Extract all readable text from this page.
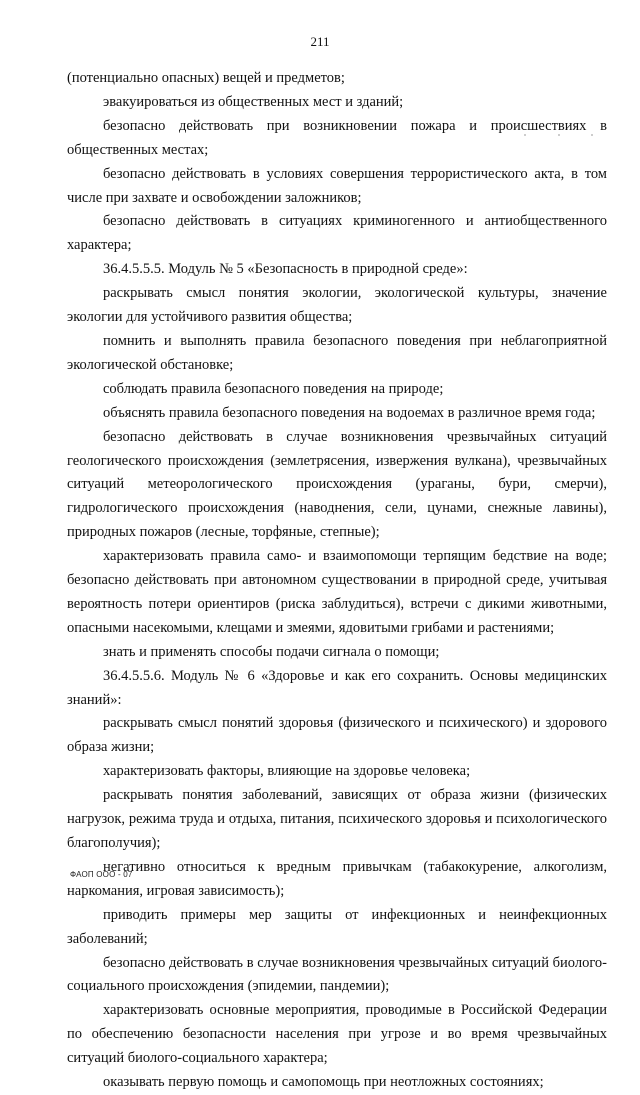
211

(потенциально опасных) вещей и предметов;

эвакуироваться из общественных мест и зданий;

безопасно действовать при возникновении пожара и происшествиях в общественных местах;

безопасно действовать в условиях совершения террористического акта, в том числе при захвате и освобождении заложников;

безопасно действовать в ситуациях криминогенного и антиобщественного характера;

36.4.5.5.5. Модуль № 5 «Безопасность в природной среде»:

раскрывать смысл понятия экологии, экологической культуры, значение экологии для устойчивого развития общества;

помнить и выполнять правила безопасного поведения при неблагоприятной экологической обстановке;

соблюдать правила безопасного поведения на природе;

объяснять правила безопасного поведения на водоемах в различное время года;

безопасно действовать в случае возникновения чрезвычайных ситуаций геологического происхождения (землетрясения, извержения вулкана), чрезвычайных ситуаций метеорологического происхождения (ураганы, бури, смерчи), гидрологического происхождения (наводнения, сели, цунами, снежные лавины), природных пожаров (лесные, торфяные, степные);

характеризовать правила само- и взаимопомощи терпящим бедствие на воде; безопасно действовать при автономном существовании в природной среде, учитывая вероятность потери ориентиров (риска заблудиться), встречи с дикими животными, опасными насекомыми, клещами и змеями, ядовитыми грибами и растениями;

знать и применять способы подачи сигнала о помощи;

36.4.5.5.6. Модуль № 6 «Здоровье и как его сохранить. Основы медицинских знаний»:

раскрывать смысл понятий здоровья (физического и психического) и здорового образа жизни;

характеризовать факторы, влияющие на здоровье человека;

раскрывать понятия заболеваний, зависящих от образа жизни (физических нагрузок, режима труда и отдыха, питания, психического здоровья и психологического благополучия);

негативно относиться к вредным привычкам (табакокурение, алкоголизм, наркомания, игровая зависимость);

приводить примеры мер защиты от инфекционных и неинфекционных заболеваний;

безопасно действовать в случае возникновения чрезвычайных ситуаций биолого-социального происхождения (эпидемии, пандемии);

характеризовать основные мероприятия, проводимые в Российской Федерации по обеспечению безопасности населения при угрозе и во время чрезвычайных ситуаций биолого-социального характера;

оказывать первую помощь и самопомощь при неотложных состояниях;

ФАОП ООО - 07
